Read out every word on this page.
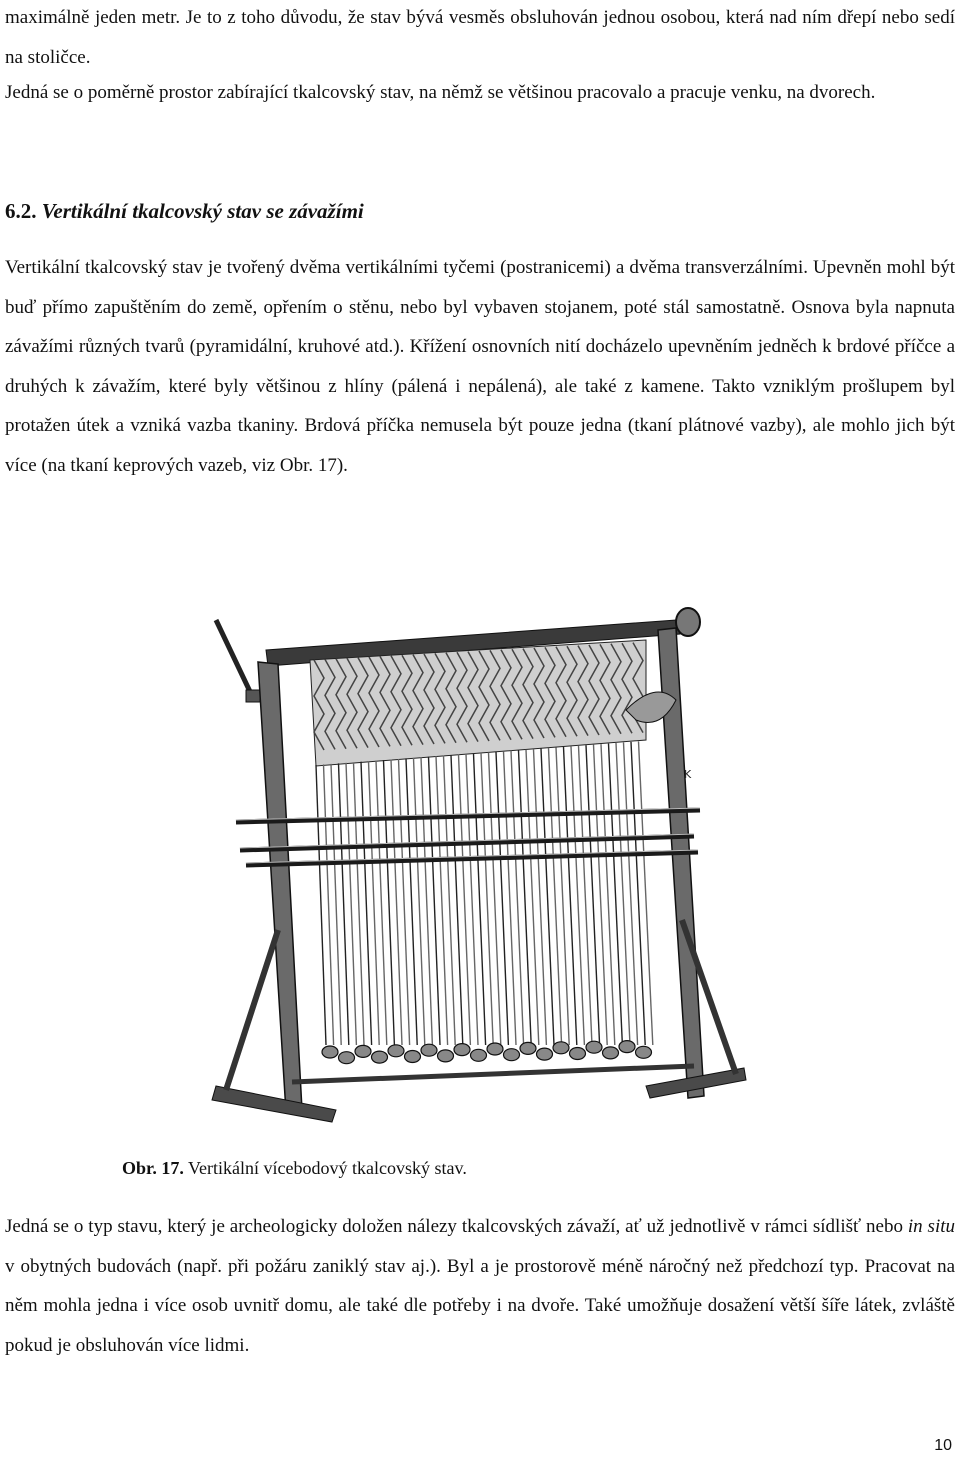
maximálně jeden metr. Je to z toho důvodu, že stav bývá vesměs obsluhován jednou osobou, která nad ním dřepí nebo sedí na stoličce.

Jedná se o poměrně prostor zabírající tkalcovský stav, na němž se většinou pracovalo a pracuje venku, na dvorech.

6.2. Vertikální tkalcovský stav se závažími

Vertikální tkalcovský stav je tvořený dvěma vertikálními tyčemi (postranicemi) a dvěma transverzálními. Upevněn mohl být buď přímo zapuštěním do země, opřením o stěnu, nebo byl vybaven stojanem, poté stál samostatně. Osnova byla napnuta závažími různých tvarů (pyramidální, kruhové atd.). Křížení osnovních nití docházelo upevněním jedněch k brdové příčce a druhých k závažím, které byly většinou z hlíny (pálená i nepálená), ale také z kamene. Takto vzniklým prošlupem byl protažen útek a vzniká vazba tkaniny. Brdová příčka nemusela být pouze jedna (tkaní plátnové vazby), ale mohlo jich být více (na tkaní keprových vazeb, viz Obr. 17).

K

Obr. 17. Vertikální vícebodový tkalcovský stav.

Jedná se o typ stavu, který je archeologicky doložen nálezy tkalcovských závaží, ať už jednotlivě v rámci sídlišť nebo in situ v obytných budovách (např. při požáru zaniklý stav aj.). Byl a je prostorově méně náročný než předchozí typ. Pracovat na něm mohla jedna i více osob uvnitř domu, ale také dle potřeby i na dvoře. Také umožňuje dosažení větší šíře látek, zvláště pokud je obsluhován více lidmi.

10
